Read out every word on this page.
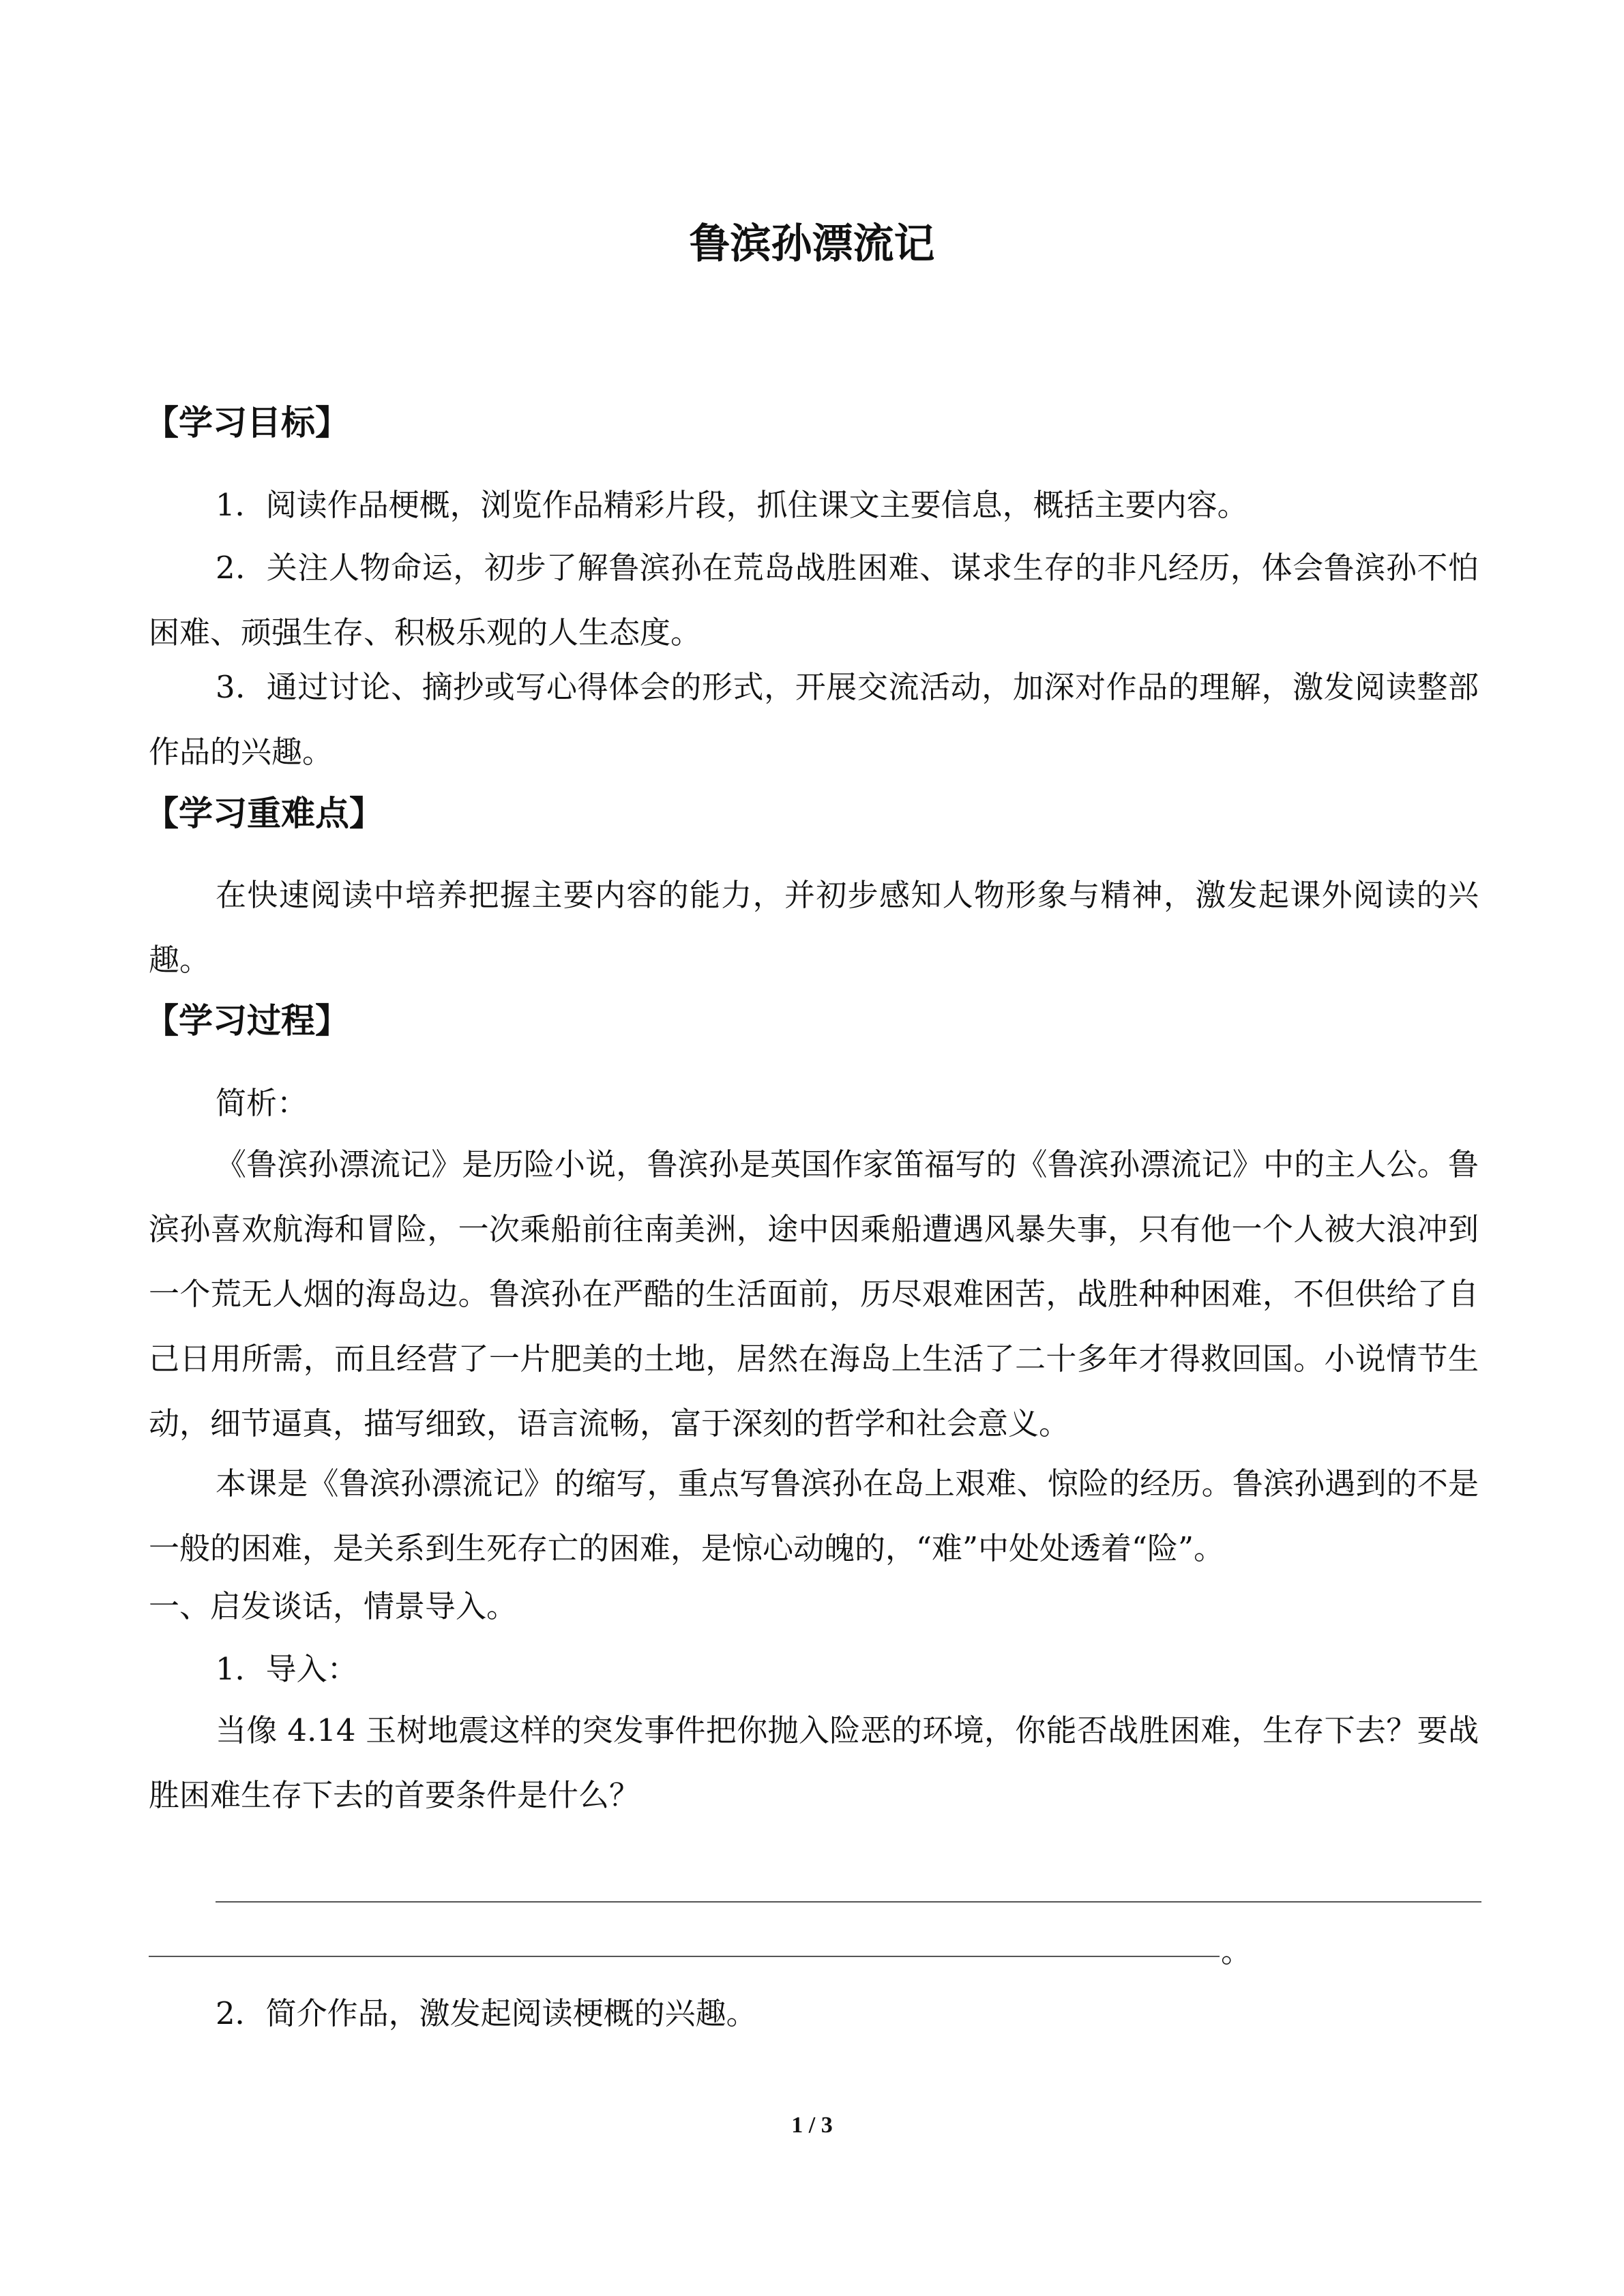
鲁滨孙漂流记
【学习目标】

1．阅读作品梗概，浏览作品精彩片段，抓住课文主要信息，概括主要内容。

2．关注人物命运，初步了解鲁滨孙在荒岛战胜困难、谋求生存的非凡经历，体会鲁滨孙不怕困难、顽强生存、积极乐观的人生态度。

3．通过讨论、摘抄或写心得体会的形式，开展交流活动，加深对作品的理解，激发阅读整部作品的兴趣。

【学习重难点】

在快速阅读中培养把握主要内容的能力，并初步感知人物形象与精神，激发起课外阅读的兴趣。

【学习过程】

简析：

《鲁滨孙漂流记》是历险小说，鲁滨孙是英国作家笛福写的《鲁滨孙漂流记》中的主人公。鲁滨孙喜欢航海和冒险，一次乘船前往南美洲，途中因乘船遭遇风暴失事，只有他一个人被大浪冲到一个荒无人烟的海岛边。鲁滨孙在严酷的生活面前，历尽艰难困苦，战胜种种困难，不但供给了自己日用所需，而且经营了一片肥美的土地，居然在海岛上生活了二十多年才得救回国。小说情节生动，细节逼真，描写细致，语言流畅，富于深刻的哲学和社会意义。

本课是《鲁滨孙漂流记》的缩写，重点写鲁滨孙在岛上艰难、惊险的经历。鲁滨孙遇到的不是一般的困难，是关系到生死存亡的困难，是惊心动魄的，“难”中处处透着“险”。

一、启发谈话，情景导入。

1．导入：

当像 4.14 玉树地震这样的突发事件把你抛入险恶的环境，你能否战胜困难，生存下去？要战胜困难生存下去的首要条件是什么？

。

2．简介作品，激发起阅读梗概的兴趣。

1 / 3
